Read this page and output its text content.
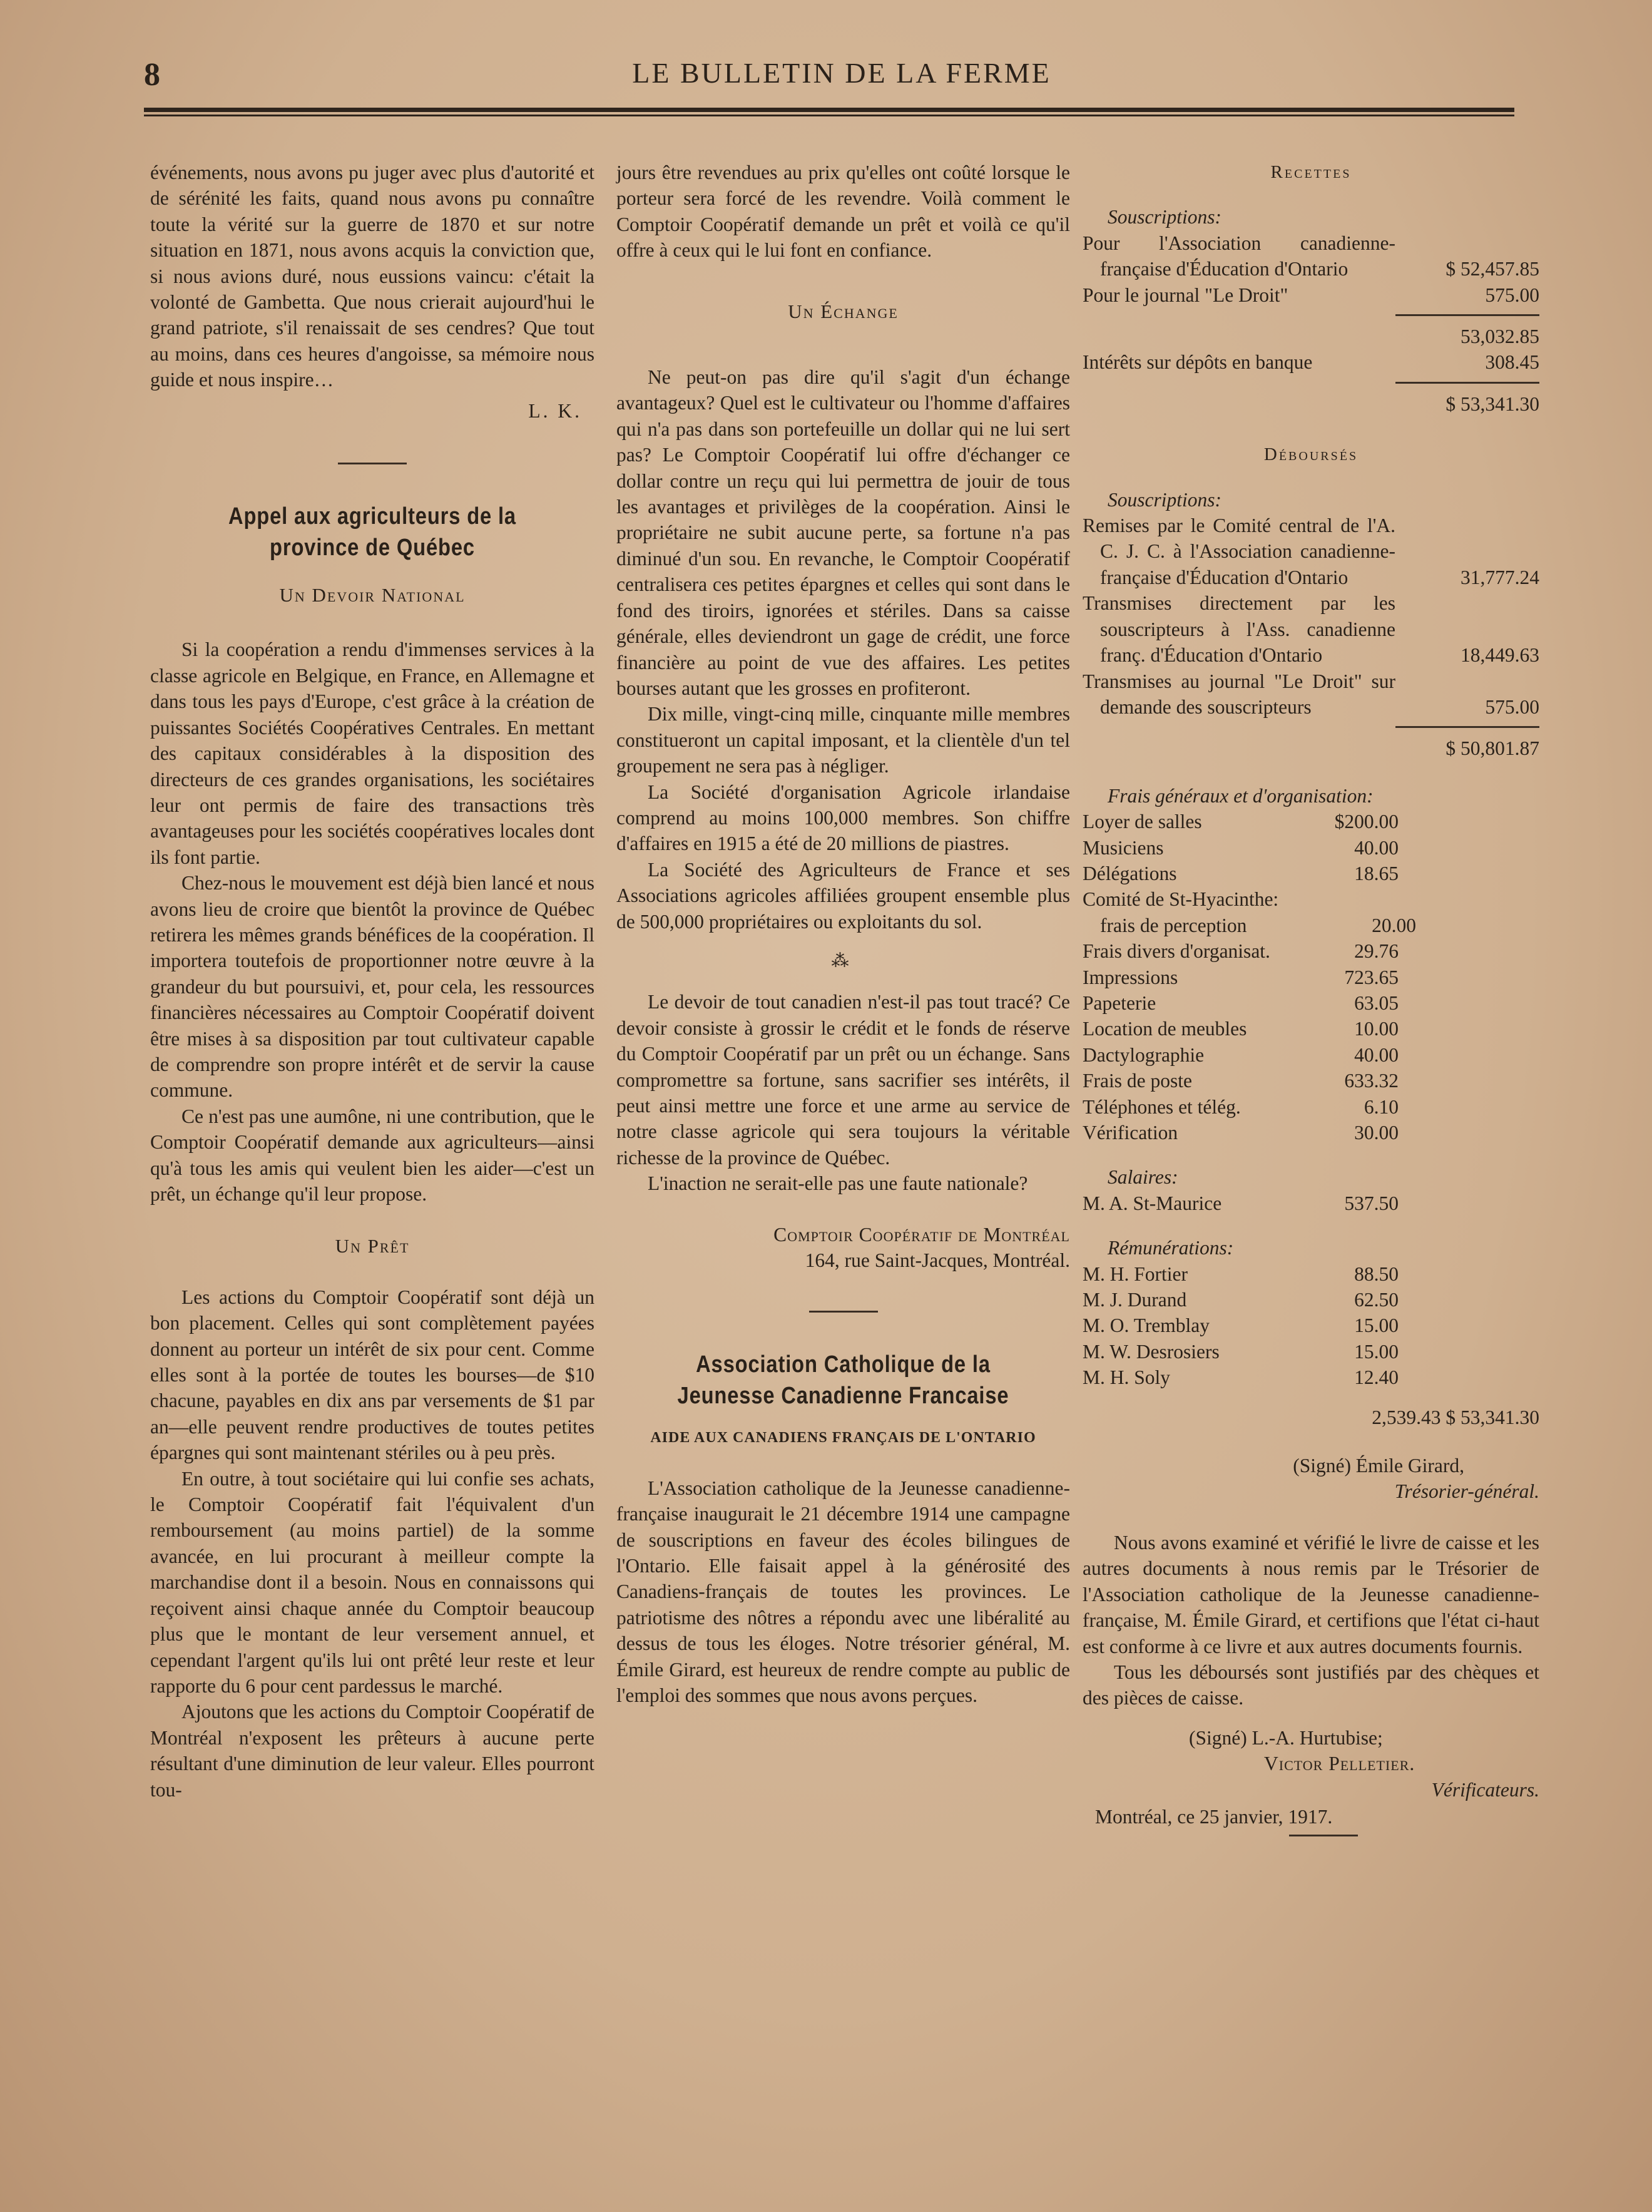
8	LE BULLETIN DE LA FERME

événements, nous avons pu juger avec plus d'autorité et de sérénité les faits, quand nous avons pu connaître toute la vérité sur la guerre de 1870 et sur notre situation en 1871, nous avons acquis la conviction que, si nous avions duré, nous eussions vaincu: c'était la volonté de Gambetta. Que nous crierait aujourd'hui le grand patriote, s'il renaissait de ses cendres? Que tout au moins, dans ces heures d'angoisse, sa mémoire nous guide et nous inspire…

L. K.
Appel aux agriculteurs de la province de Québec
Un Devoir National

Si la coopération a rendu d'immenses services à la classe agricole en Belgique, en France, en Allemagne et dans tous les pays d'Europe, c'est grâce à la création de puissantes Sociétés Coopératives Centrales. En mettant des capitaux considérables à la disposition des directeurs de ces grandes organisations, les sociétaires leur ont permis de faire des transactions très avantageuses pour les sociétés coopératives locales dont ils font partie.

Chez-nous le mouvement est déjà bien lancé et nous avons lieu de croire que bientôt la province de Québec retirera les mêmes grands bénéfices de la coopération. Il importera toutefois de proportionner notre œuvre à la grandeur du but poursuivi, et, pour cela, les ressources financières nécessaires au Comptoir Coopératif doivent être mises à sa disposition par tout cultivateur capable de comprendre son propre intérêt et de servir la cause commune.

Ce n'est pas une aumône, ni une contribution, que le Comptoir Coopératif demande aux agriculteurs—ainsi qu'à tous les amis qui veulent bien les aider—c'est un prêt, un échange qu'il leur propose.

Un Prêt

Les actions du Comptoir Coopératif sont déjà un bon placement. Celles qui sont complètement payées donnent au porteur un intérêt de six pour cent. Comme elles sont à la portée de toutes les bourses—de $10 chacune, payables en dix ans par versements de $1 par an—elle peuvent rendre productives de toutes petites épargnes qui sont maintenant stériles ou à peu près.

En outre, à tout sociétaire qui lui confie ses achats, le Comptoir Coopératif fait l'équivalent d'un remboursement (au moins partiel) de la somme avancée, en lui procurant à meilleur compte la marchandise dont il a besoin. Nous en connaissons qui reçoivent ainsi chaque année du Comptoir beaucoup plus que le montant de leur versement annuel, et cependant l'argent qu'ils lui ont prêté leur reste et leur rapporte du 6 pour cent pardessus le marché.

Ajoutons que les actions du Comptoir Coopératif de Montréal n'exposent les prêteurs à aucune perte résultant d'une diminution de leur valeur. Elles pourront tou-

jours être revendues au prix qu'elles ont coûté lorsque le porteur sera forcé de les revendre. Voilà comment le Comptoir Coopératif demande un prêt et voilà ce qu'il offre à ceux qui le lui font en confiance.

Un Échange

Ne peut-on pas dire qu'il s'agit d'un échange avantageux? Quel est le cultivateur ou l'homme d'affaires qui n'a pas dans son portefeuille un dollar qui ne lui sert pas? Le Comptoir Coopératif lui offre d'échanger ce dollar contre un reçu qui lui permettra de jouir de tous les avantages et privilèges de la coopération. Ainsi le propriétaire ne subit aucune perte, sa fortune n'a pas diminué d'un sou. En revanche, le Comptoir Coopératif centralisera ces petites épargnes et celles qui sont dans le fond des tiroirs, ignorées et stériles. Dans sa caisse générale, elles deviendront un gage de crédit, une force financière au point de vue des affaires. Les petites bourses autant que les grosses en profiteront.

Dix mille, vingt-cinq mille, cinquante mille membres constitueront un capital imposant, et la clientèle d'un tel groupement ne sera pas à négliger.

La Société d'organisation Agricole irlandaise comprend au moins 100,000 membres. Son chiffre d'affaires en 1915 a été de 20 millions de piastres.

La Société des Agriculteurs de France et ses Associations agricoles affiliées groupent ensemble plus de 500,000 propriétaires ou exploitants du sol.

⁂

Le devoir de tout canadien n'est-il pas tout tracé? Ce devoir consiste à grossir le crédit et le fonds de réserve du Comptoir Coopératif par un prêt ou un échange. Sans compromettre sa fortune, sans sacrifier ses intérêts, il peut ainsi mettre une force et une arme au service de notre classe agricole qui sera toujours la véritable richesse de la province de Québec.

L'inaction ne serait-elle pas une faute nationale?

Comptoir Coopératif de Montréal
164, rue Saint-Jacques, Montréal.
Association Catholique de la Jeunesse Canadienne Francaise
AIDE AUX CANADIENS FRANÇAIS DE L'ONTARIO

L'Association catholique de la Jeunesse canadienne-française inaugurait le 21 décembre 1914 une campagne de souscriptions en faveur des écoles bilingues de l'Ontario. Elle faisait appel à la générosité des Canadiens-français de toutes les provinces. Le patriotisme des nôtres a répondu avec une libéralité au dessus de tous les éloges. Notre trésorier général, M. Émile Girard, est heureux de rendre compte au public de l'emploi des sommes que nous avons perçues.

Recettes
Souscriptions:
Pour l'Association canadienne-française d'Éducation d'Ontario	$ 52,457.85
Pour le journal "Le Droit"	575.00
53,032.85
Intérêts sur dépôts en banque	308.45
$ 53,341.30
Déboursés
Souscriptions:
Remises par le Comité central de l'A. C. J. C. à l'Association canadienne-française d'Éducation d'Ontario	31,777.24
Transmises directement par les souscripteurs à l'Ass. canadienne franç. d'Éducation d'Ontario	18,449.63
Transmises au journal "Le Droit" sur demande des souscripteurs	575.00
$ 50,801.87
Frais généraux et d'organisation:
Loyer de salles	$200.00
Musiciens	40.00
Délégations	18.65
Comité de St-Hyacinthe:
frais de perception	20.00
Frais divers d'organisat.	29.76
Impressions	723.65
Papeterie	63.05
Location de meubles	10.00
Dactylographie	40.00
Frais de poste	633.32
Téléphones et télég.	6.10
Vérification	30.00
Salaires:
M. A. St-Maurice	537.50
Rémunérations:
M. H. Fortier	88.50
M. J. Durand	62.50
M. O. Tremblay	15.00
M. W. Desrosiers	15.00
M. H. Soly	12.40
2,539.43 $ 53,341.30
(Signé) Émile Girard,
Trésorier-général.

Nous avons examiné et vérifié le livre de caisse et les autres documents à nous remis par le Trésorier de l'Association catholique de la Jeunesse canadienne-française, M. Émile Girard, et certifions que l'état ci-haut est conforme à ce livre et aux autres documents fournis.

Tous les déboursés sont justifiés par des chèques et des pièces de caisse.

(Signé) L.-A. Hurtubise;
Victor Pelletier.
Vérificateurs.
Montréal, ce 25 janvier, 1917.
